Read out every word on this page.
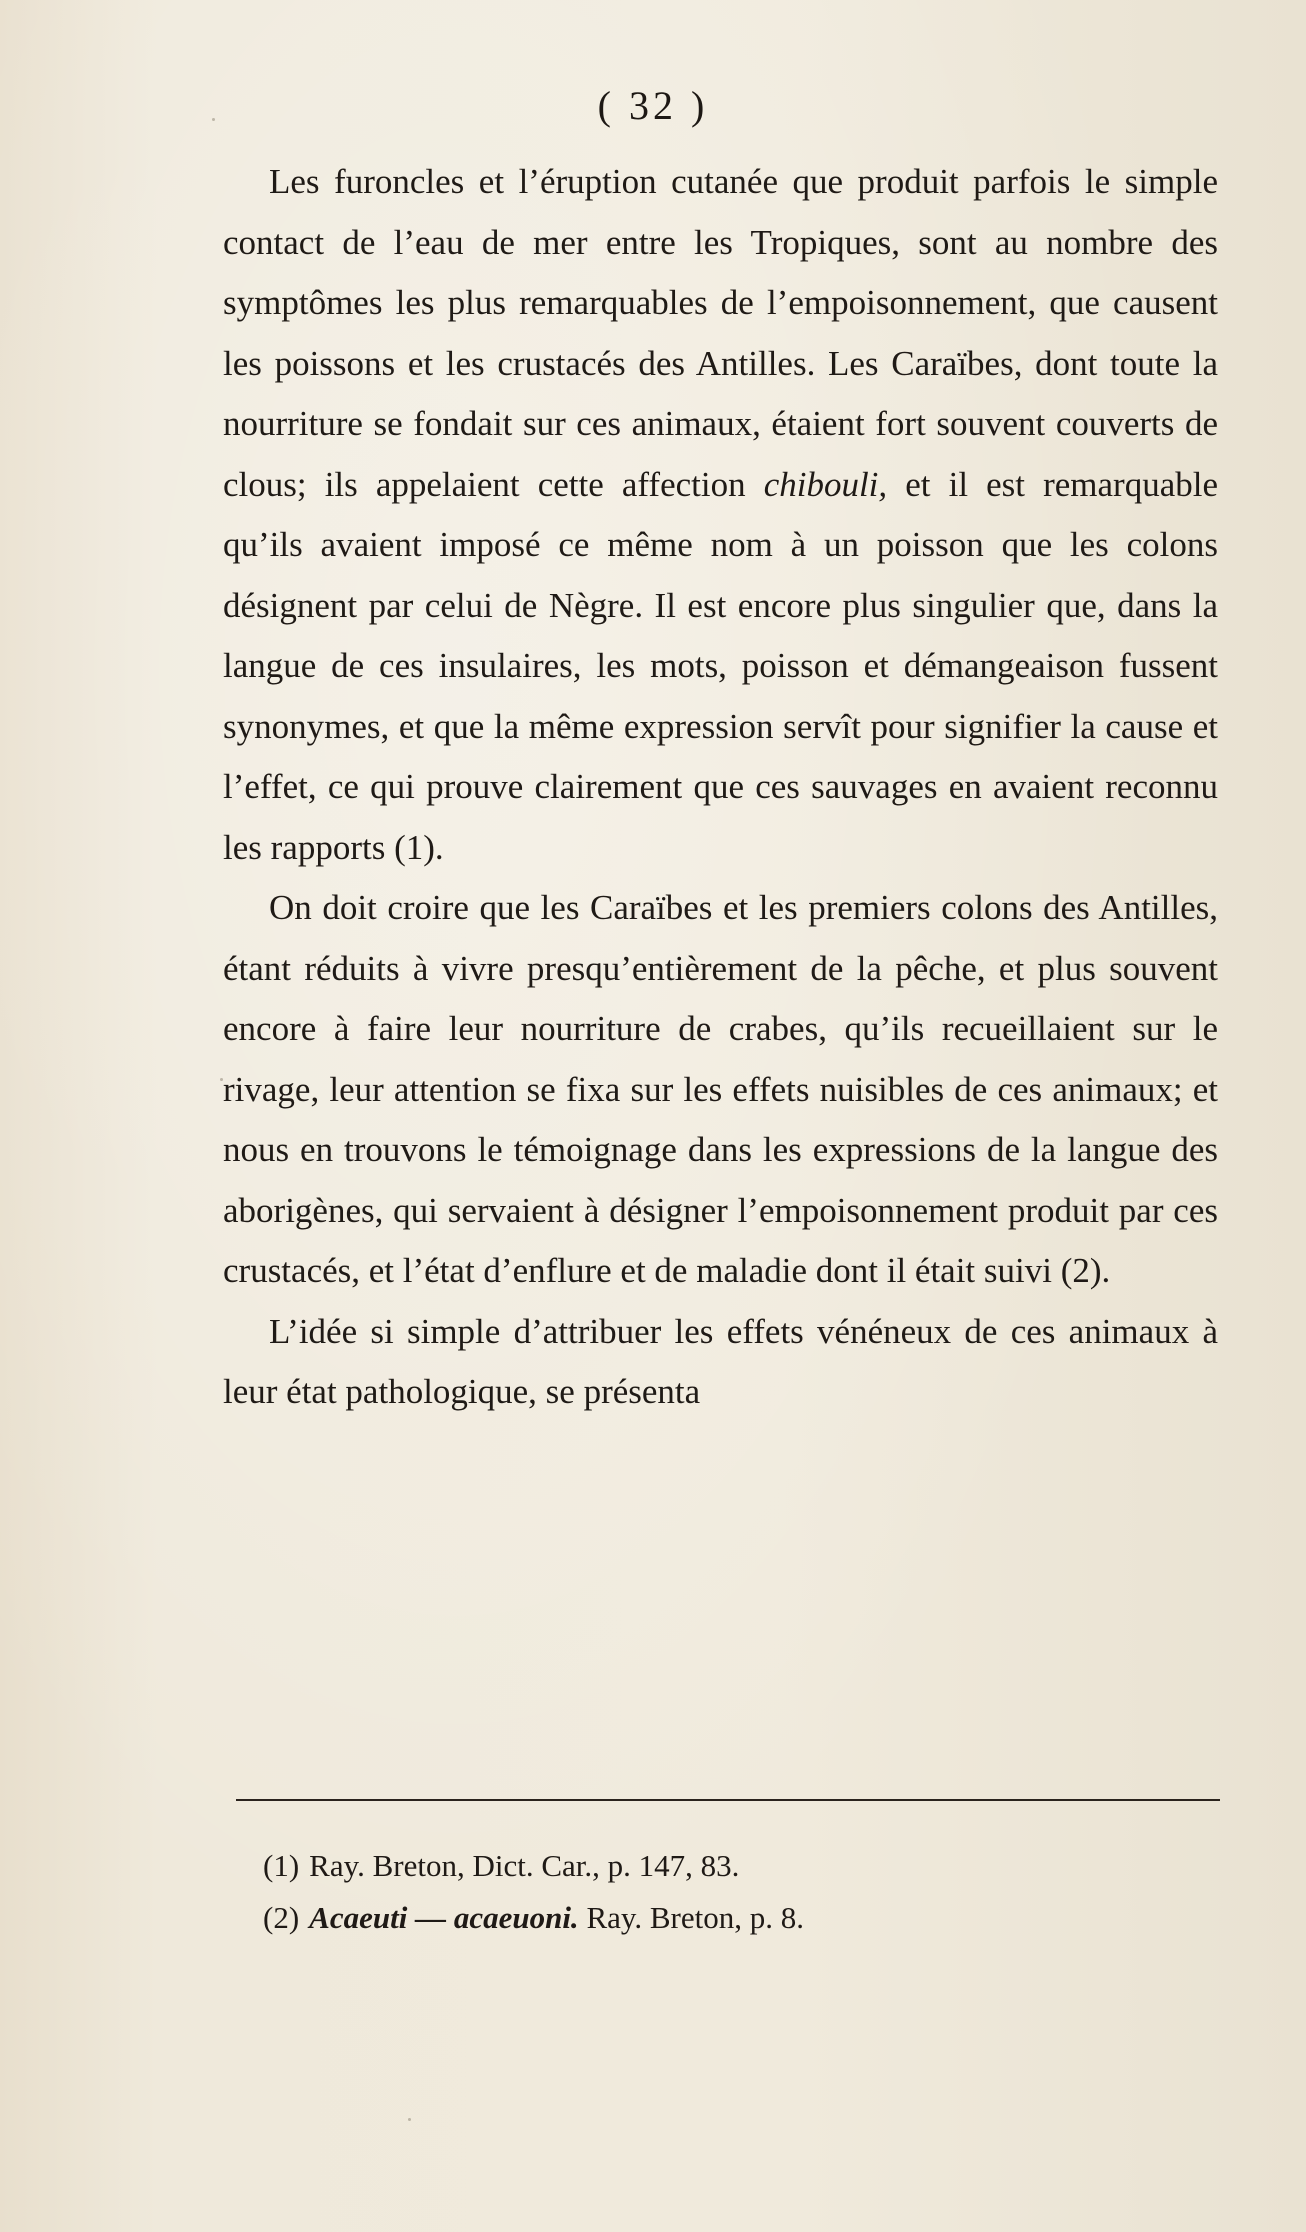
( 32 )

Les furoncles et l’éruption cutanée que produit parfois le simple contact de l’eau de mer entre les Tropiques, sont au nombre des symptômes les plus remarquables de l’empoisonnement, que causent les poissons et les crustacés des Antilles. Les Caraïbes, dont toute la nourriture se fondait sur ces animaux, étaient fort souvent couverts de clous; ils appelaient cette affection chibouli, et il est remarquable qu’ils avaient imposé ce même nom à un poisson que les colons désignent par celui de Nègre. Il est encore plus singulier que, dans la langue de ces insulaires, les mots, poisson et démangeaison fussent synonymes, et que la même expression servît pour signifier la cause et l’effet, ce qui prouve clairement que ces sauvages en avaient reconnu les rapports (1).

On doit croire que les Caraïbes et les premiers colons des Antilles, étant réduits à vivre presqu’entièrement de la pêche, et plus souvent encore à faire leur nourriture de crabes, qu’ils recueillaient sur le rivage, leur attention se fixa sur les effets nuisibles de ces animaux; et nous en trouvons le témoignage dans les expressions de la langue des aborigènes, qui servaient à désigner l’empoisonnement produit par ces crustacés, et l’état d’enflure et de maladie dont il était suivi (2).

L’idée si simple d’attribuer les effets vénéneux de ces animaux à leur état pathologique, se présenta

(1) Ray. Breton, Dict. Car., p. 147, 83.
(2) Acaeuti — acaeuoni. Ray. Breton, p. 8.
